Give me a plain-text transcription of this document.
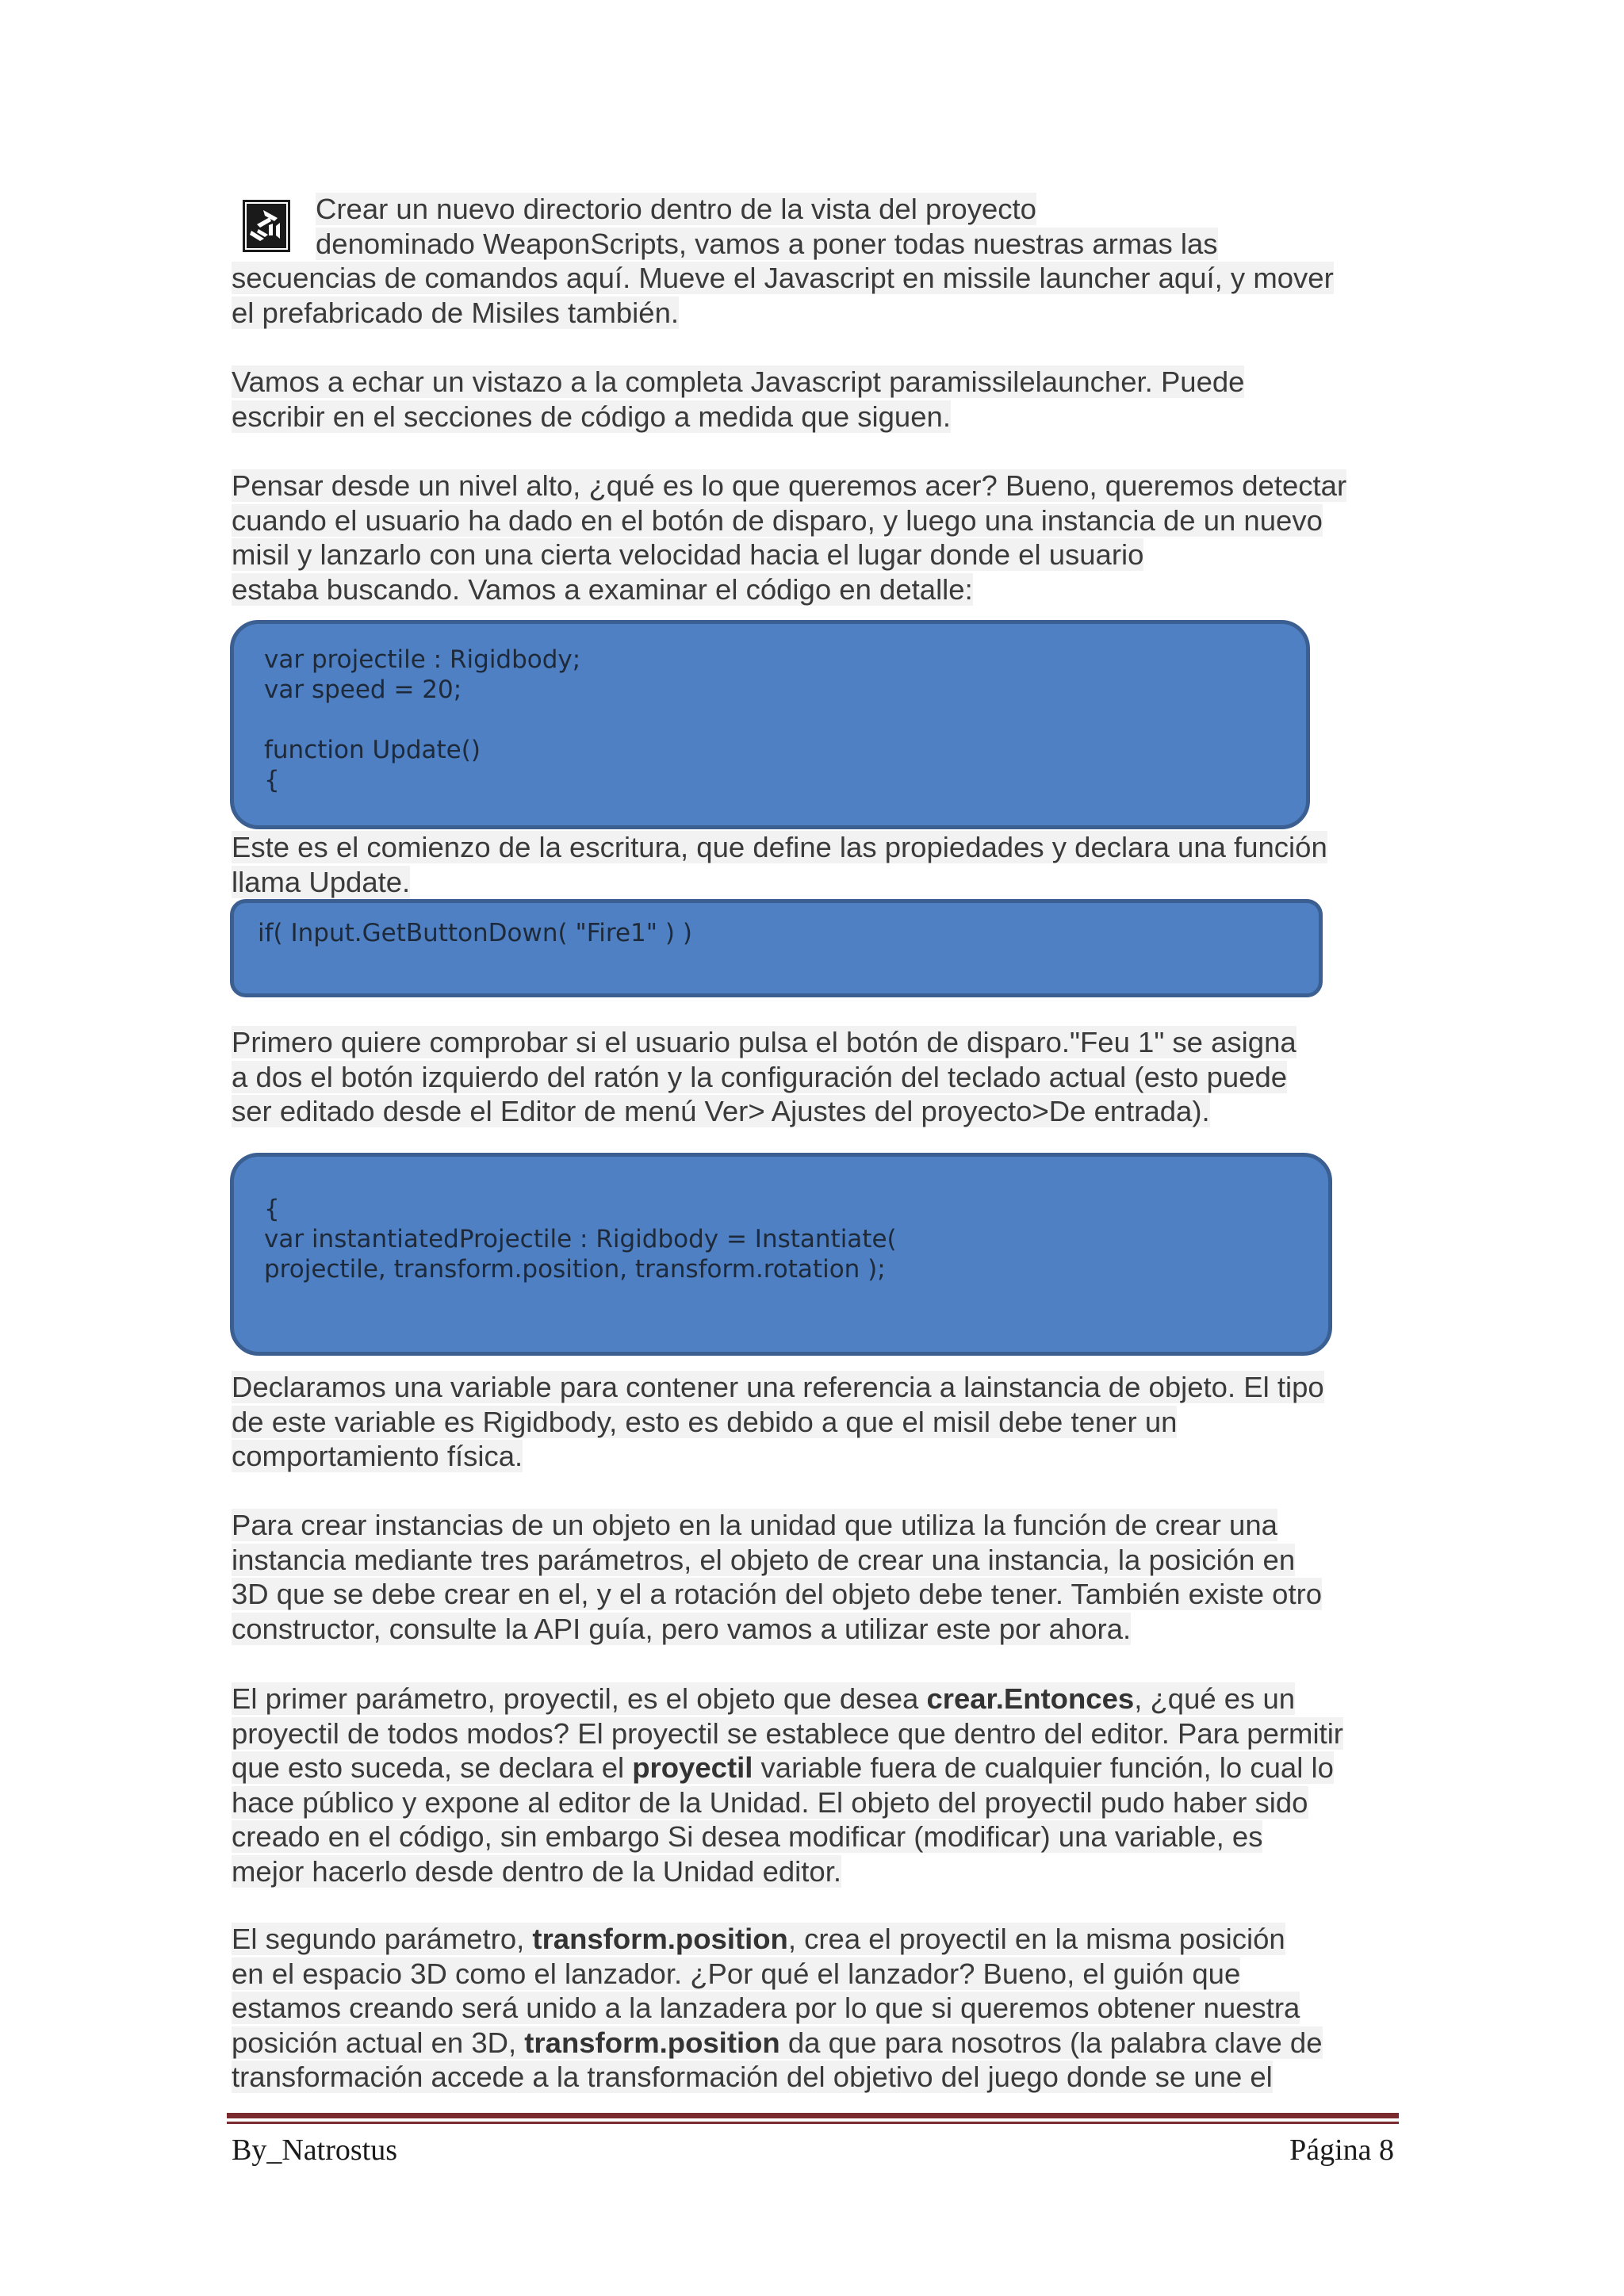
Crear un nuevo directorio dentro de la vista del proyecto
denominado WeaponScripts, vamos a poner todas nuestras armas las
secuencias de comandos aquí. Mueve el Javascript en missile launcher aquí, y mover
el prefabricado de Misiles también.
Vamos a echar un vistazo a la completa Javascript paramissilelauncher. Puede
escribir en el secciones de código a medida que siguen.
Pensar desde un nivel alto, ¿qué es lo que queremos acer? Bueno, queremos detectar
cuando el usuario ha dado en el botón de disparo, y luego una instancia de un nuevo
misil y lanzarlo con una cierta velocidad hacia el lugar donde el usuario
estaba buscando. Vamos a examinar el código en detalle:
var projectile : Rigidbody;
var speed = 20;

function Update()
{
Este es el comienzo de la escritura, que define las propiedades y declara una función
llama Update.
if( Input.GetButtonDown( "Fire1" ) )
Primero quiere comprobar si el usuario pulsa el botón de disparo."Feu 1" se asigna
a dos el botón izquierdo del ratón y la configuración del teclado actual (esto puede
ser editado desde el Editor de menú Ver> Ajustes del proyecto>De entrada).
{
var instantiatedProjectile : Rigidbody = Instantiate(
projectile, transform.position, transform.rotation );
Declaramos una variable para contener una referencia a lainstancia de objeto. El tipo
de este variable es Rigidbody, esto es debido a que el misil debe tener un
comportamiento física.
Para crear instancias de un objeto en la unidad que utiliza la función de crear una
instancia mediante tres parámetros, el objeto de crear una instancia, la posición en
3D que se debe crear en el, y el a rotación del objeto debe tener. También existe otro
constructor, consulte la API guía, pero vamos a utilizar este por ahora.
El primer parámetro, proyectil, es el objeto que desea crear.Entonces, ¿qué es un
proyectil de todos modos? El proyectil se establece que dentro del editor. Para permitir
que esto suceda, se declara el proyectil variable fuera de cualquier función, lo cual lo
hace público y expone al editor de la Unidad. El objeto del proyectil pudo haber sido
creado en el código, sin embargo Si desea modificar (modificar) una variable, es
mejor hacerlo desde dentro de la Unidad editor.
El segundo parámetro, transform.position, crea el proyectil en la misma posición
en el espacio 3D como el lanzador. ¿Por qué el lanzador? Bueno, el guión que
estamos creando será unido a la lanzadera por lo que si queremos obtener nuestra
posición actual en 3D, transform.position da que para nosotros (la palabra clave de
transformación accede a la transformación del objetivo del juego donde se une el
By_Natrostus	Página 8
